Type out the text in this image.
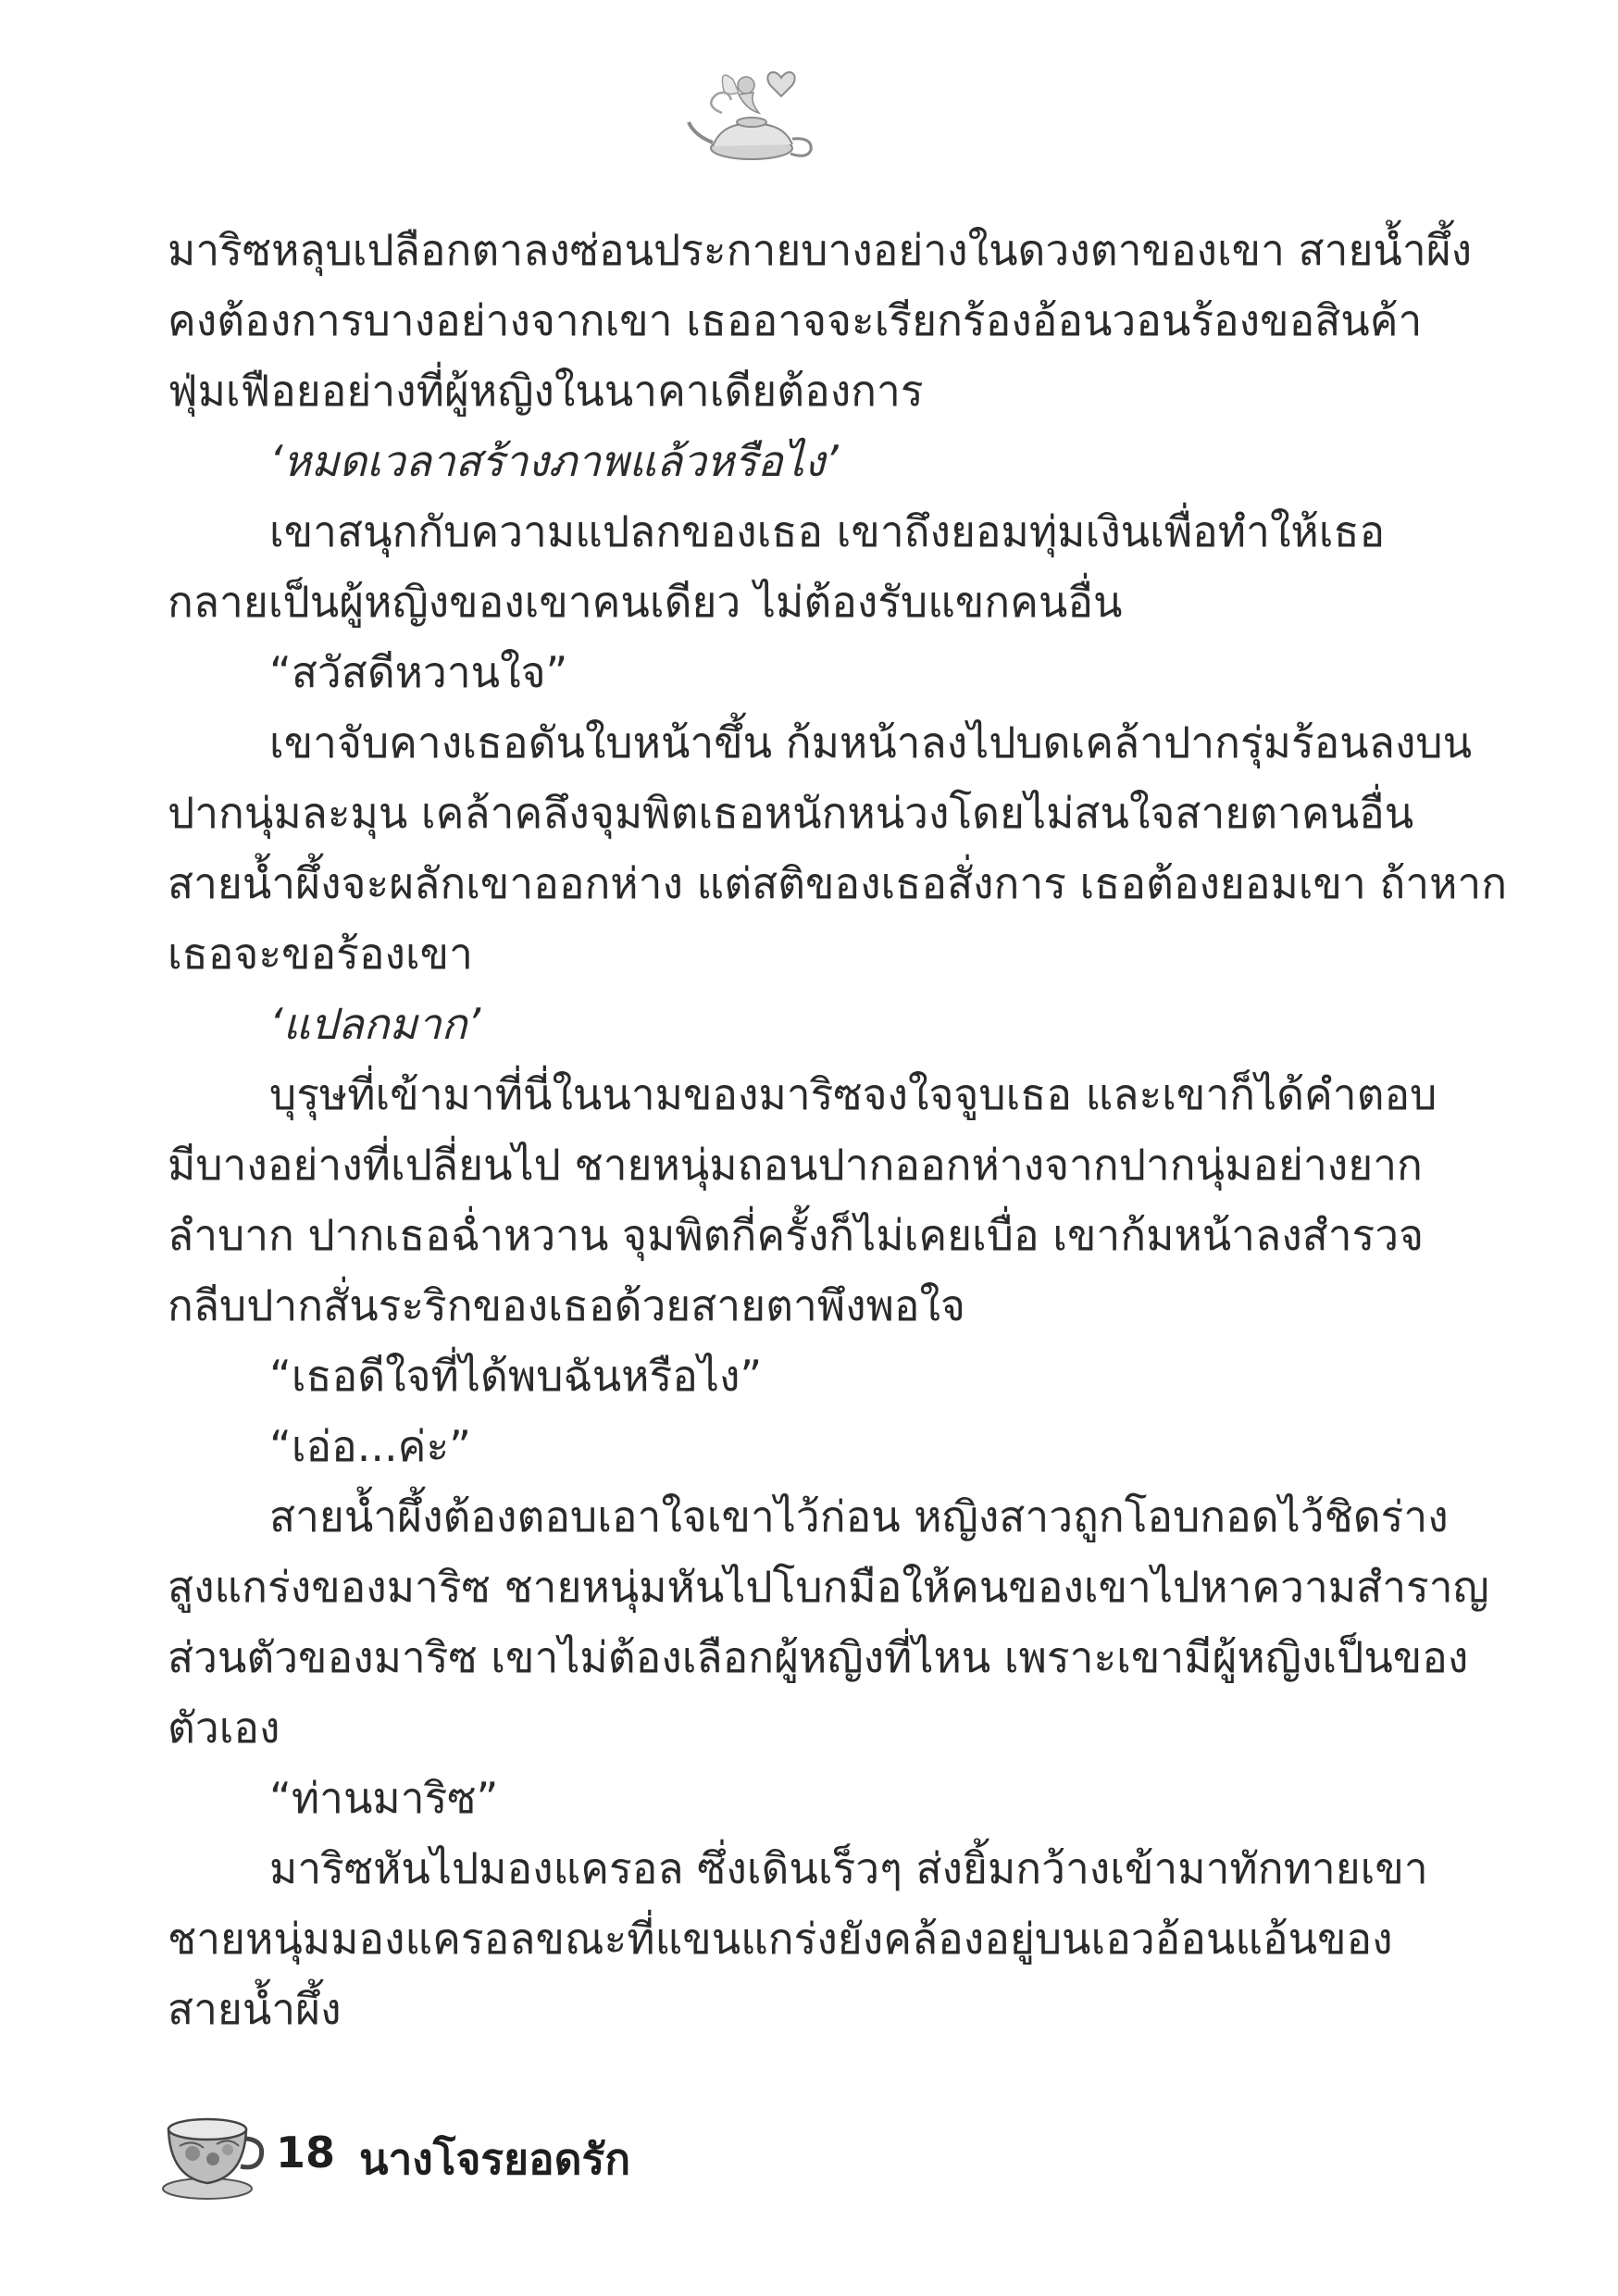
มาริซหลุบเปลือกตาลงซ่อนประกายบางอย่างในดวงตาของเขา สายน้ำผึ้ง
คงต้องการบางอย่างจากเขา เธออาจจะเรียกร้องอ้อนวอนร้องขอสินค้า
ฟุ่มเฟือยอย่างที่ผู้หญิงในนาคาเดียต้องการ
‘หมดเวลาสร้างภาพแล้วหรือไง’
เขาสนุกกับความแปลกของเธอ เขาถึงยอมทุ่มเงินเพื่อทำให้เธอ
กลายเป็นผู้หญิงของเขาคนเดียว ไม่ต้องรับแขกคนอื่น
“สวัสดีหวานใจ”
เขาจับคางเธอดันใบหน้าขึ้น ก้มหน้าลงไปบดเคล้าปากรุ่มร้อนลงบน
ปากนุ่มละมุน เคล้าคลึงจุมพิตเธอหนักหน่วงโดยไม่สนใจสายตาคนอื่น
สายน้ำผึ้งจะผลักเขาออกห่าง แต่สติของเธอสั่งการ เธอต้องยอมเขา ถ้าหาก
เธอจะขอร้องเขา
‘แปลกมาก’
บุรุษที่เข้ามาที่นี่ในนามของมาริซจงใจจูบเธอ และเขาก็ได้คำตอบ
มีบางอย่างที่เปลี่ยนไป ชายหนุ่มถอนปากออกห่างจากปากนุ่มอย่างยาก
ลำบาก ปากเธอฉ่ำหวาน จุมพิตกี่ครั้งก็ไม่เคยเบื่อ เขาก้มหน้าลงสำรวจ
กลีบปากสั่นระริกของเธอด้วยสายตาพึงพอใจ
“เธอดีใจที่ได้พบฉันหรือไง”
“เอ่อ...ค่ะ”
สายน้ำผึ้งต้องตอบเอาใจเขาไว้ก่อน หญิงสาวถูกโอบกอดไว้ชิดร่าง
สูงแกร่งของมาริซ ชายหนุ่มหันไปโบกมือให้คนของเขาไปหาความสำราญ
ส่วนตัวของมาริซ เขาไม่ต้องเลือกผู้หญิงที่ไหน เพราะเขามีผู้หญิงเป็นของ
ตัวเอง
“ท่านมาริซ”
มาริซหันไปมองแครอล ซึ่งเดินเร็วๆ ส่งยิ้มกว้างเข้ามาทักทายเขา
ชายหนุ่มมองแครอลขณะที่แขนแกร่งยังคล้องอยู่บนเอวอ้อนแอ้นของ
สายน้ำผึ้ง
18 นางโจรยอดรัก
